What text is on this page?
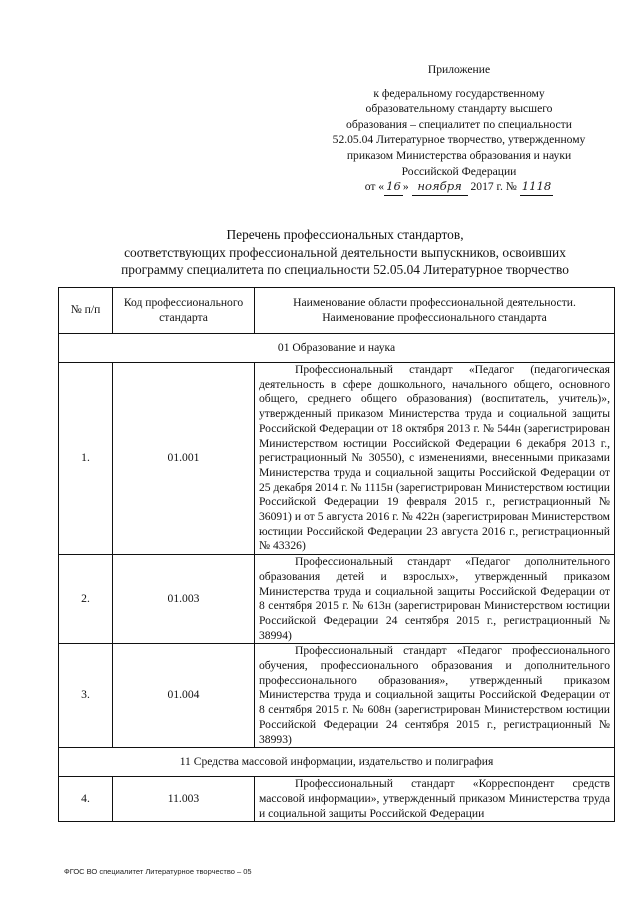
Приложение
к федеральному государственному
образовательному стандарту высшего
образования – специалитет по специальности
52.05.04 Литературное творчество, утвержденному
приказом Министерства образования и науки
Российской Федерации
от « 16 » ноября 2017 г. № 1118
Перечень профессиональных стандартов,
соответствующих профессиональной деятельности выпускников, освоивших
программу специалитета по специальности 52.05.04 Литературное творчество
№ п/п	Код профессионального стандарта	Наименование области профессиональной деятельности. Наименование профессионального стандарта
01 Образование и наука		
1.	01.001	Профессиональный стандарт «Педагог (педагогическая деятельность в сфере дошкольного, начального общего, основного общего, среднего общего образования) (воспитатель, учитель)», утвержденный приказом Министерства труда и социальной защиты Российской Федерации от 18 октября 2013 г. № 544н (зарегистрирован Министерством юстиции Российской Федерации 6 декабря 2013 г., регистрационный № 30550), с изменениями, внесенными приказами Министерства труда и социальной защиты Российской Федерации от 25 декабря 2014 г. № 1115н (зарегистрирован Министерством юстиции Российской Федерации 19 февраля 2015 г., регистрационный № 36091) и от 5 августа 2016 г. № 422н (зарегистрирован Министерством юстиции Российской Федерации 23 августа 2016 г., регистрационный № 43326)
2.	01.003	Профессиональный стандарт «Педагог дополнительного образования детей и взрослых», утвержденный приказом Министерства труда и социальной защиты Российской Федерации от 8 сентября 2015 г. № 613н (зарегистрирован Министерством юстиции Российской Федерации 24 сентября 2015 г., регистрационный № 38994)
3.	01.004	Профессиональный стандарт «Педагог профессионального обучения, профессионального образования и дополнительного профессионального образования», утвержденный приказом Министерства труда и социальной защиты Российской Федерации от 8 сентября 2015 г. № 608н (зарегистрирован Министерством юстиции Российской Федерации 24 сентября 2015 г., регистрационный № 38993)
11 Средства массовой информации, издательство и полиграфия		
4.	11.003	Профессиональный стандарт «Корреспондент средств массовой информации», утвержденный приказом Министерства труда и социальной защиты Российской Федерации
ФГОС ВО специалитет Литературное творчество – 05
